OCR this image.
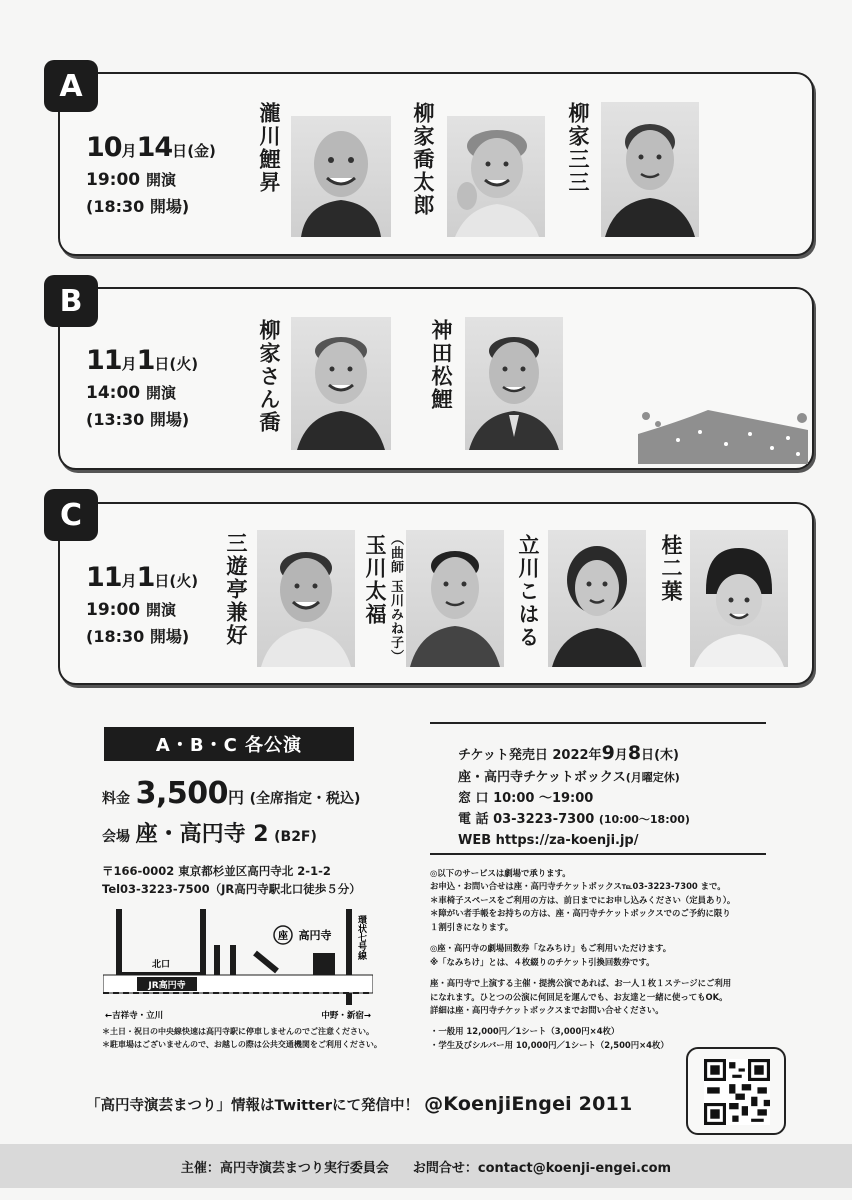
A
10月14日(金)
19:00 開演
(18:30 開場)
瀧川鯉昇	柳家喬太郎	柳家三三
B
11月1日(火)
14:00 開演
(13:30 開場)	柳家さん喬	神田松鯉
C
11月1日(火)
19:00 開演
(18:30 開場)	三遊亭兼好	玉川太福 （曲師 玉川みね子）	立川こはる	桂二葉
A・B・C 各公演
料金 3,500円 (全席指定・税込)
会場 座・高円寺 2 (B2F)
〒166-0002 東京都杉並区高円寺北 2-1-2
Tel03-3223-7500（JR高円寺駅北口徒歩５分）
JR高円寺
北口
座 高円寺	環状七号線
←吉祥寺・立川	中野・新宿→
＊土日・祝日の中央線快速は高円寺駅に停車しませんのでご注意ください。
＊駐車場はございませんので、お越しの際は公共交通機関をご利用ください。
チケット発売日 2022年9月8日(木)
座・高円寺チケットボックス(月曜定休)
窓 口 10:00 〜19:00
電 話 03-3223-7300 (10:00〜18:00)
WEB https://za-koenji.jp/

◎以下のサービスは劇場で承ります。

お申込・お問い合せは座・高円寺チケットボックス℡03-3223-7300 まで。

＊車椅子スペースをご利用の方は、前日までにお申し込みください（定員あり）。

＊障がい者手帳をお持ちの方は、座・高円寺チケットボックスでのご予約に限り

１割引きになります。

◎座・高円寺の劇場回数券「なみちけ」もご利用いただけます。

※「なみちけ」とは、４枚綴りのチケット引換回数券です。

座・高円寺で上演する主催・提携公演であれば、お一人１枚１ステージにご利用

になれます。ひとつの公演に何回足を運んでも、お友達と一緒に使ってもOK。

詳細は座・高円寺チケットボックスまでお問い合せください。

・一般用 12,000円／1シート（3,000円×4枚）

・学生及びシルバー用 10,000円／1シート（2,500円×4枚）

「高円寺演芸まつり」情報はTwitterにて発信中！ @KoenjiEngei 2011
主催：高円寺演芸まつり実行委員会 お問合せ：contact@koenji-engei.com
